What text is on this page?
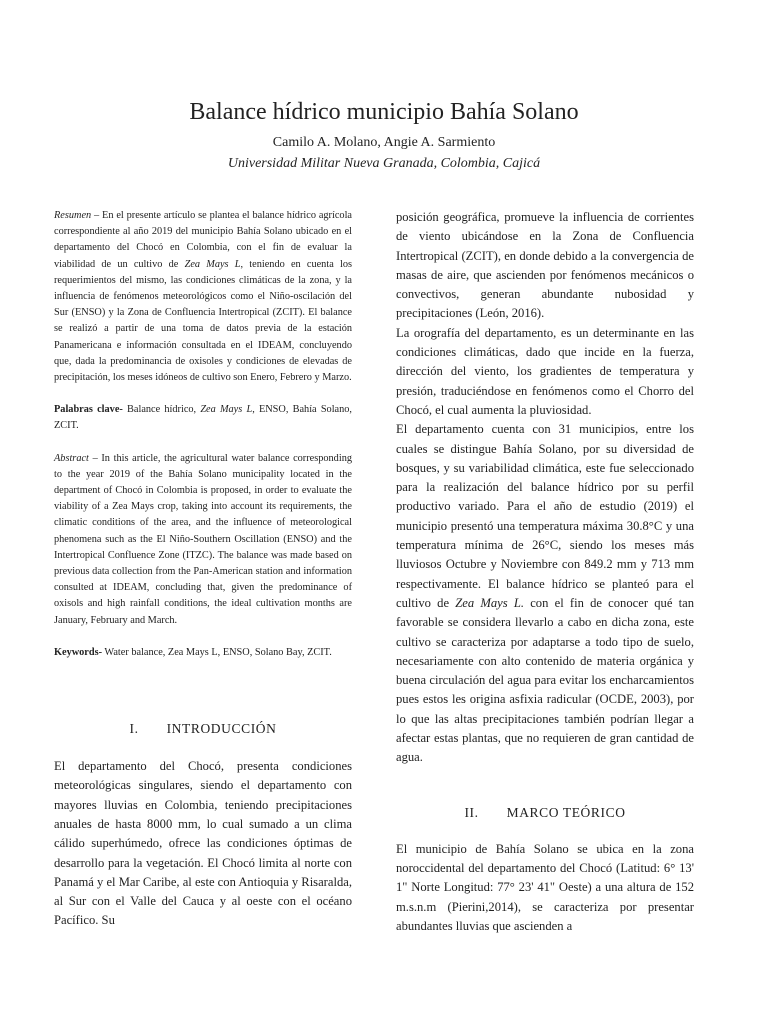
Balance hídrico municipio Bahía Solano
Camilo A. Molano, Angie A. Sarmiento
Universidad Militar Nueva Granada, Colombia, Cajicá

Resumen – En el presente artículo se plantea el balance hídrico agrícola correspondiente al año 2019 del municipio Bahía Solano ubicado en el departamento del Chocó en Colombia, con el fin de evaluar la viabilidad de un cultivo de Zea Mays L, teniendo en cuenta los requerimientos del mismo, las condiciones climáticas de la zona, y la influencia de fenómenos meteorológicos como el Niño-oscilación del Sur (ENSO) y la Zona de Confluencia Intertropical (ZCIT). El balance se realizó a partir de una toma de datos previa de la estación Panamericana e información consultada en el IDEAM, concluyendo que, dada la predominancia de oxisoles y condiciones de elevadas de precipitación, los meses idóneos de cultivo son Enero, Febrero y Marzo.

Palabras clave- Balance hídrico, Zea Mays L, ENSO, Bahía Solano, ZCIT.

Abstract – In this article, the agricultural water balance corresponding to the year 2019 of the Bahía Solano municipality located in the department of Chocó in Colombia is proposed, in order to evaluate the viability of a Zea Mays crop, taking into account its requirements, the climatic conditions of the area, and the influence of meteorological phenomena such as the El Niño-Southern Oscillation (ENSO) and the Intertropical Confluence Zone (ITZC). The balance was made based on previous data collection from the Pan-American station and information consulted at IDEAM, concluding that, given the predominance of oxisols and high rainfall conditions, the ideal cultivation months are January, February and March.

Keywords- Water balance, Zea Mays L, ENSO, Solano Bay, ZCIT.

I. INTRODUCCIÓN

El departamento del Chocó, presenta condiciones meteorológicas singulares, siendo el departamento con mayores lluvias en Colombia, teniendo precipitaciones anuales de hasta 8000 mm, lo cual sumado a un clima cálido superhúmedo, ofrece las condiciones óptimas de desarrollo para la vegetación. El Chocó limita al norte con Panamá y el Mar Caribe, al este con Antioquia y Risaralda, al Sur con el Valle del Cauca y al oeste con el océano Pacífico. Su

posición geográfica, promueve la influencia de corrientes de viento ubicándose en la Zona de Confluencia Intertropical (ZCIT), en donde debido a la convergencia de masas de aire, que ascienden por fenómenos mecánicos o convectivos, generan abundante nubosidad y precipitaciones (León, 2016).

La orografía del departamento, es un determinante en las condiciones climáticas, dado que incide en la fuerza, dirección del viento, los gradientes de temperatura y presión, traduciéndose en fenómenos como el Chorro del Chocó, el cual aumenta la pluviosidad.

El departamento cuenta con 31 municipios, entre los cuales se distingue Bahía Solano, por su diversidad de bosques, y su variabilidad climática, este fue seleccionado para la realización del balance hídrico por su perfil productivo variado. Para el año de estudio (2019) el municipio presentó una temperatura máxima 30.8°C y una temperatura mínima de 26°C, siendo los meses más lluviosos Octubre y Noviembre con 849.2 mm y 713 mm respectivamente. El balance hídrico se planteó para el cultivo de Zea Mays L. con el fin de conocer qué tan favorable se considera llevarlo a cabo en dicha zona, este cultivo se caracteriza por adaptarse a todo tipo de suelo, necesariamente con alto contenido de materia orgánica y buena circulación del agua para evitar los encharcamientos pues estos les origina asfixia radicular (OCDE, 2003), por lo que las altas precipitaciones también podrían llegar a afectar estas plantas, que no requieren de gran cantidad de agua.

II. MARCO TEÓRICO

El municipio de Bahía Solano se ubica en la zona noroccidental del departamento del Chocó (Latitud: 6° 13' 1" Norte Longitud: 77° 23' 41" Oeste) a una altura de 152 m.s.n.m (Pierini,2014), se caracteriza por presentar abundantes lluvias que ascienden a
